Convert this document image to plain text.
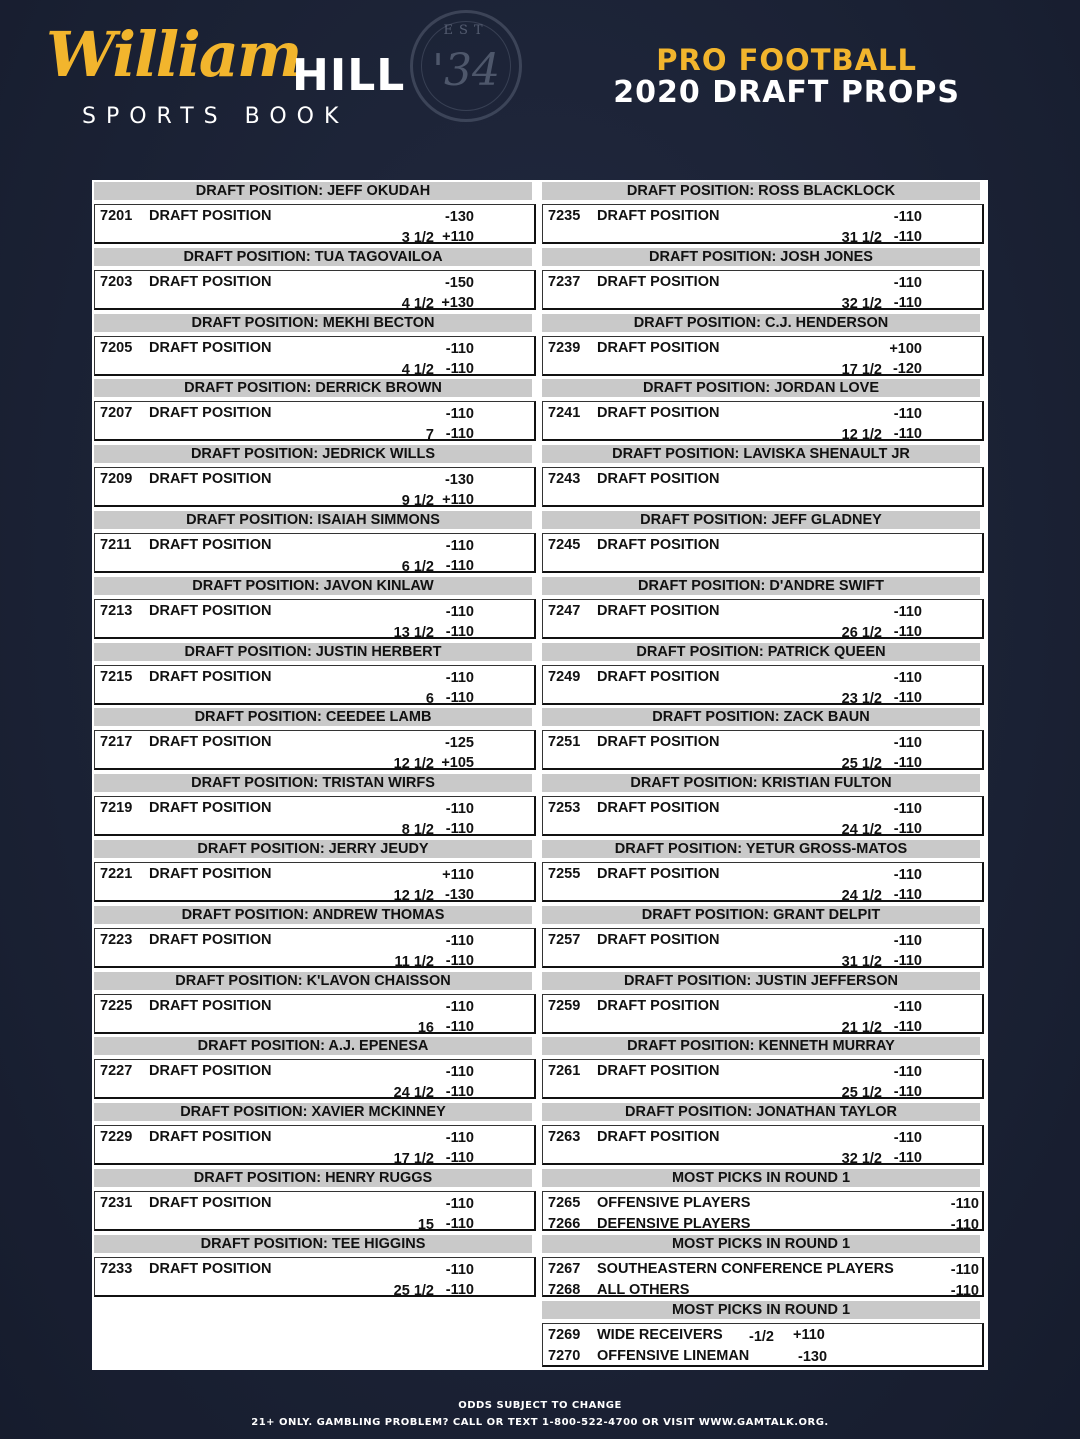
William
HILL
SPORTS BOOK
EST
'34	PRO FOOTBALL
2020 DRAFT PROPS
DRAFT POSITION: JEFF OKUDAH
7201 DRAFT POSITION	-130
3 1/2 +110
DRAFT POSITION: TUA TAGOVAILOA
7203 DRAFT POSITION	-150
4 1/2 +130
DRAFT POSITION: MEKHI BECTON
7205 DRAFT POSITION	-110
4 1/2 -110
DRAFT POSITION: DERRICK BROWN
7207 DRAFT POSITION	-110
7 -110
DRAFT POSITION: JEDRICK WILLS
7209 DRAFT POSITION	-130
9 1/2 +110
DRAFT POSITION: ISAIAH SIMMONS
7211 DRAFT POSITION	-110
6 1/2 -110
DRAFT POSITION: JAVON KINLAW
7213 DRAFT POSITION	-110
13 1/2 -110
DRAFT POSITION: JUSTIN HERBERT
7215 DRAFT POSITION	-110
6 -110
DRAFT POSITION: CEEDEE LAMB
7217 DRAFT POSITION	-125
12 1/2 +105
DRAFT POSITION: TRISTAN WIRFS
7219 DRAFT POSITION	-110
8 1/2 -110
DRAFT POSITION: JERRY JEUDY
7221 DRAFT POSITION	+110
12 1/2 -130
DRAFT POSITION: ANDREW THOMAS
7223 DRAFT POSITION	-110
11 1/2 -110
DRAFT POSITION: K'LAVON CHAISSON
7225 DRAFT POSITION	-110
16 -110
DRAFT POSITION: A.J. EPENESA
7227 DRAFT POSITION	-110
24 1/2 -110
DRAFT POSITION: XAVIER MCKINNEY
7229 DRAFT POSITION	-110
17 1/2 -110
DRAFT POSITION: HENRY RUGGS
7231 DRAFT POSITION	-110
15 -110
DRAFT POSITION: TEE HIGGINS
7233 DRAFT POSITION	-110
25 1/2 -110
DRAFT POSITION: ROSS BLACKLOCK
7235 DRAFT POSITION	-110
31 1/2 -110
DRAFT POSITION: JOSH JONES
7237 DRAFT POSITION	-110
32 1/2 -110
DRAFT POSITION: C.J. HENDERSON
7239 DRAFT POSITION	+100
17 1/2 -120
DRAFT POSITION: JORDAN LOVE
7241 DRAFT POSITION	-110
12 1/2 -110
DRAFT POSITION: LAVISKA SHENAULT JR
7243 DRAFT POSITION
DRAFT POSITION: JEFF GLADNEY
7245 DRAFT POSITION
DRAFT POSITION: D'ANDRE SWIFT
7247 DRAFT POSITION	-110
26 1/2 -110
DRAFT POSITION: PATRICK QUEEN
7249 DRAFT POSITION	-110
23 1/2 -110
DRAFT POSITION: ZACK BAUN
7251 DRAFT POSITION	-110
25 1/2 -110
DRAFT POSITION: KRISTIAN FULTON
7253 DRAFT POSITION	-110
24 1/2 -110
DRAFT POSITION: YETUR GROSS-MATOS
7255 DRAFT POSITION	-110
24 1/2 -110
DRAFT POSITION: GRANT DELPIT
7257 DRAFT POSITION	-110
31 1/2 -110
DRAFT POSITION: JUSTIN JEFFERSON
7259 DRAFT POSITION	-110
21 1/2 -110
DRAFT POSITION: KENNETH MURRAY
7261 DRAFT POSITION	-110
25 1/2 -110
DRAFT POSITION: JONATHAN TAYLOR
7263 DRAFT POSITION	-110
32 1/2 -110
MOST PICKS IN ROUND 1
7265 OFFENSIVE PLAYERS	-110
7266 DEFENSIVE PLAYERS	-110
MOST PICKS IN ROUND 1
7267 SOUTHEASTERN CONFERENCE PLAYERS	-110
7268 ALL OTHERS	-110
MOST PICKS IN ROUND 1
7269 WIDE RECEIVERS -1/2 +110
7270 OFFENSIVE LINEMAN	-130
ODDS SUBJECT TO CHANGE
21+ ONLY. GAMBLING PROBLEM? CALL OR TEXT 1-800-522-4700 OR VISIT WWW.GAMTALK.ORG.
